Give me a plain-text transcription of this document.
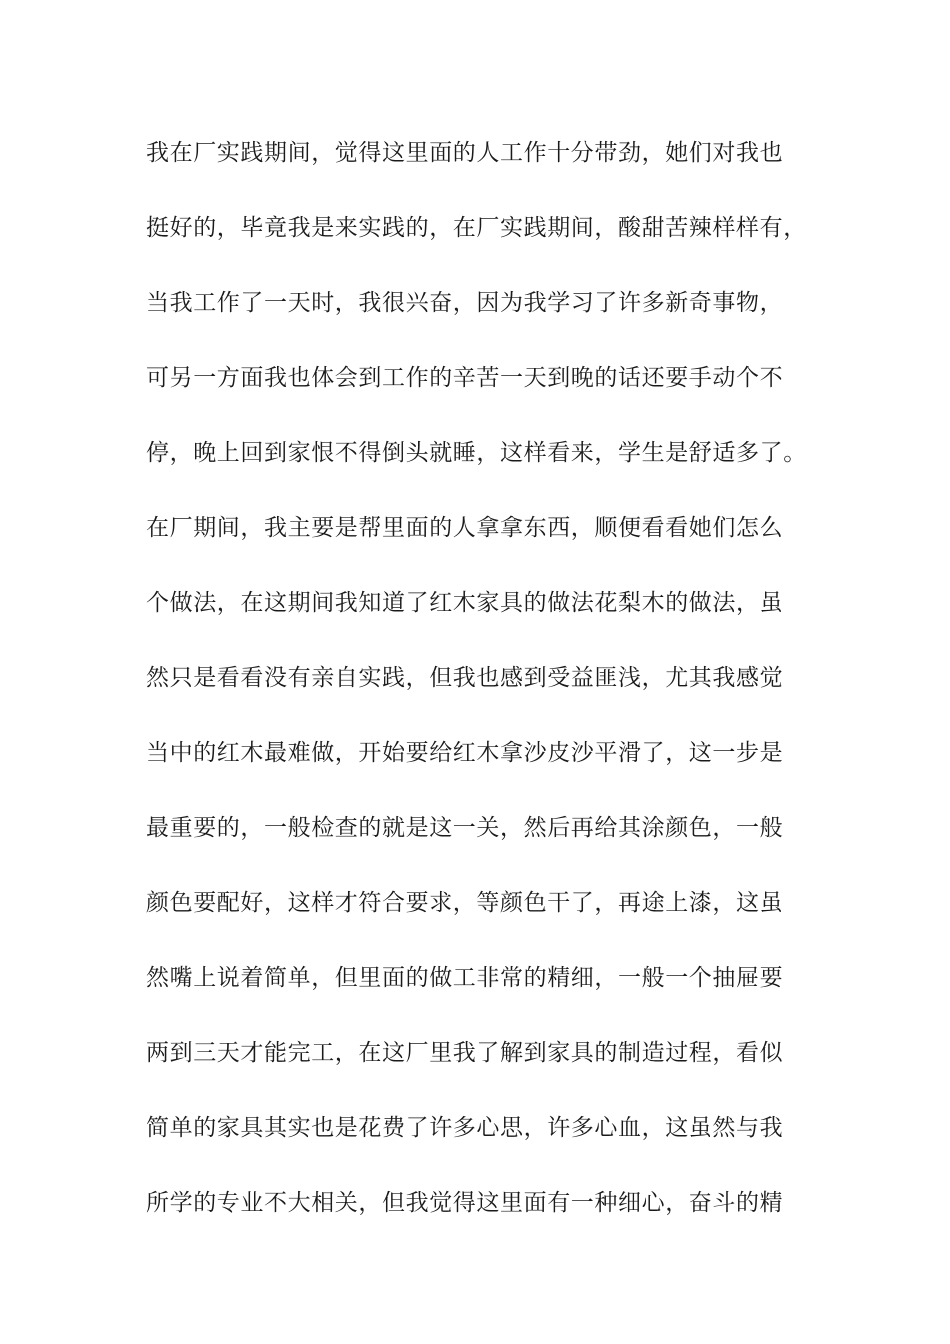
我在厂实践期间，觉得这里面的人工作十分带劲，她们对我也
挺好的，毕竟我是来实践的，在厂实践期间，酸甜苦辣样样有，
当我工作了一天时，我很兴奋，因为我学习了许多新奇事物，
可另一方面我也体会到工作的辛苦一天到晚的话还要手动个不
停，晚上回到家恨不得倒头就睡，这样看来，学生是舒适多了。
在厂期间，我主要是帮里面的人拿拿东西，顺便看看她们怎么
个做法，在这期间我知道了红木家具的做法花梨木的做法，虽
然只是看看没有亲自实践，但我也感到受益匪浅，尤其我感觉
当中的红木最难做，开始要给红木拿沙皮沙平滑了，这一步是
最重要的，一般检查的就是这一关，然后再给其涂颜色，一般
颜色要配好，这样才符合要求，等颜色干了，再途上漆，这虽
然嘴上说着简单，但里面的做工非常的精细，一般一个抽屉要
两到三天才能完工，在这厂里我了解到家具的制造过程，看似
简单的家具其实也是花费了许多心思，许多心血，这虽然与我
所学的专业不大相关，但我觉得这里面有一种细心，奋斗的精
